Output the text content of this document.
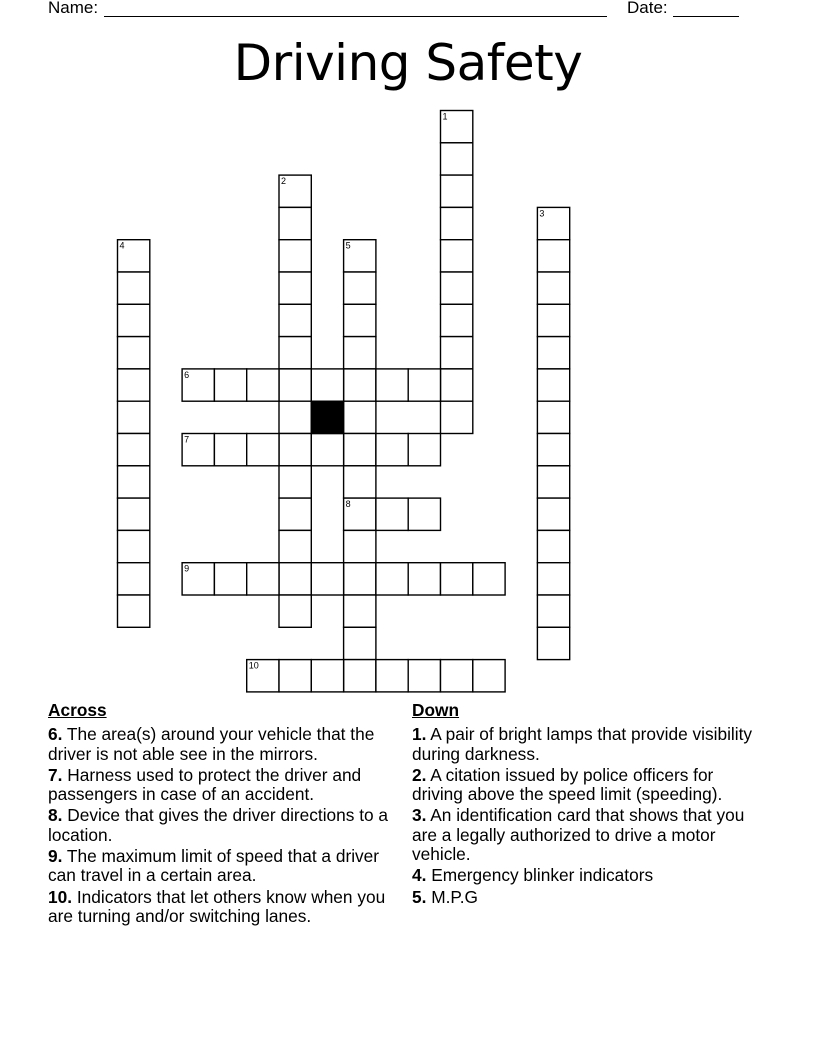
Name:	Date:
Driving Safety
1
2
3
4	5
6
7
8
9
10
Across
6. The area(s) around your vehicle that the driver is not able see in the mirrors.
7. Harness used to protect the driver and passengers in case of an accident.
8. Device that gives the driver directions to a location.
9. The maximum limit of speed that a driver can travel in a certain area.
10. Indicators that let others know when you are turning and/or switching lanes.
Down
1. A pair of bright lamps that provide visibility during darkness.
2. A citation issued by police officers for driving above the speed limit (speeding).
3. An identification card that shows that you are a legally authorized to drive a motor vehicle.
4. Emergency blinker indicators
5. M.P.G
